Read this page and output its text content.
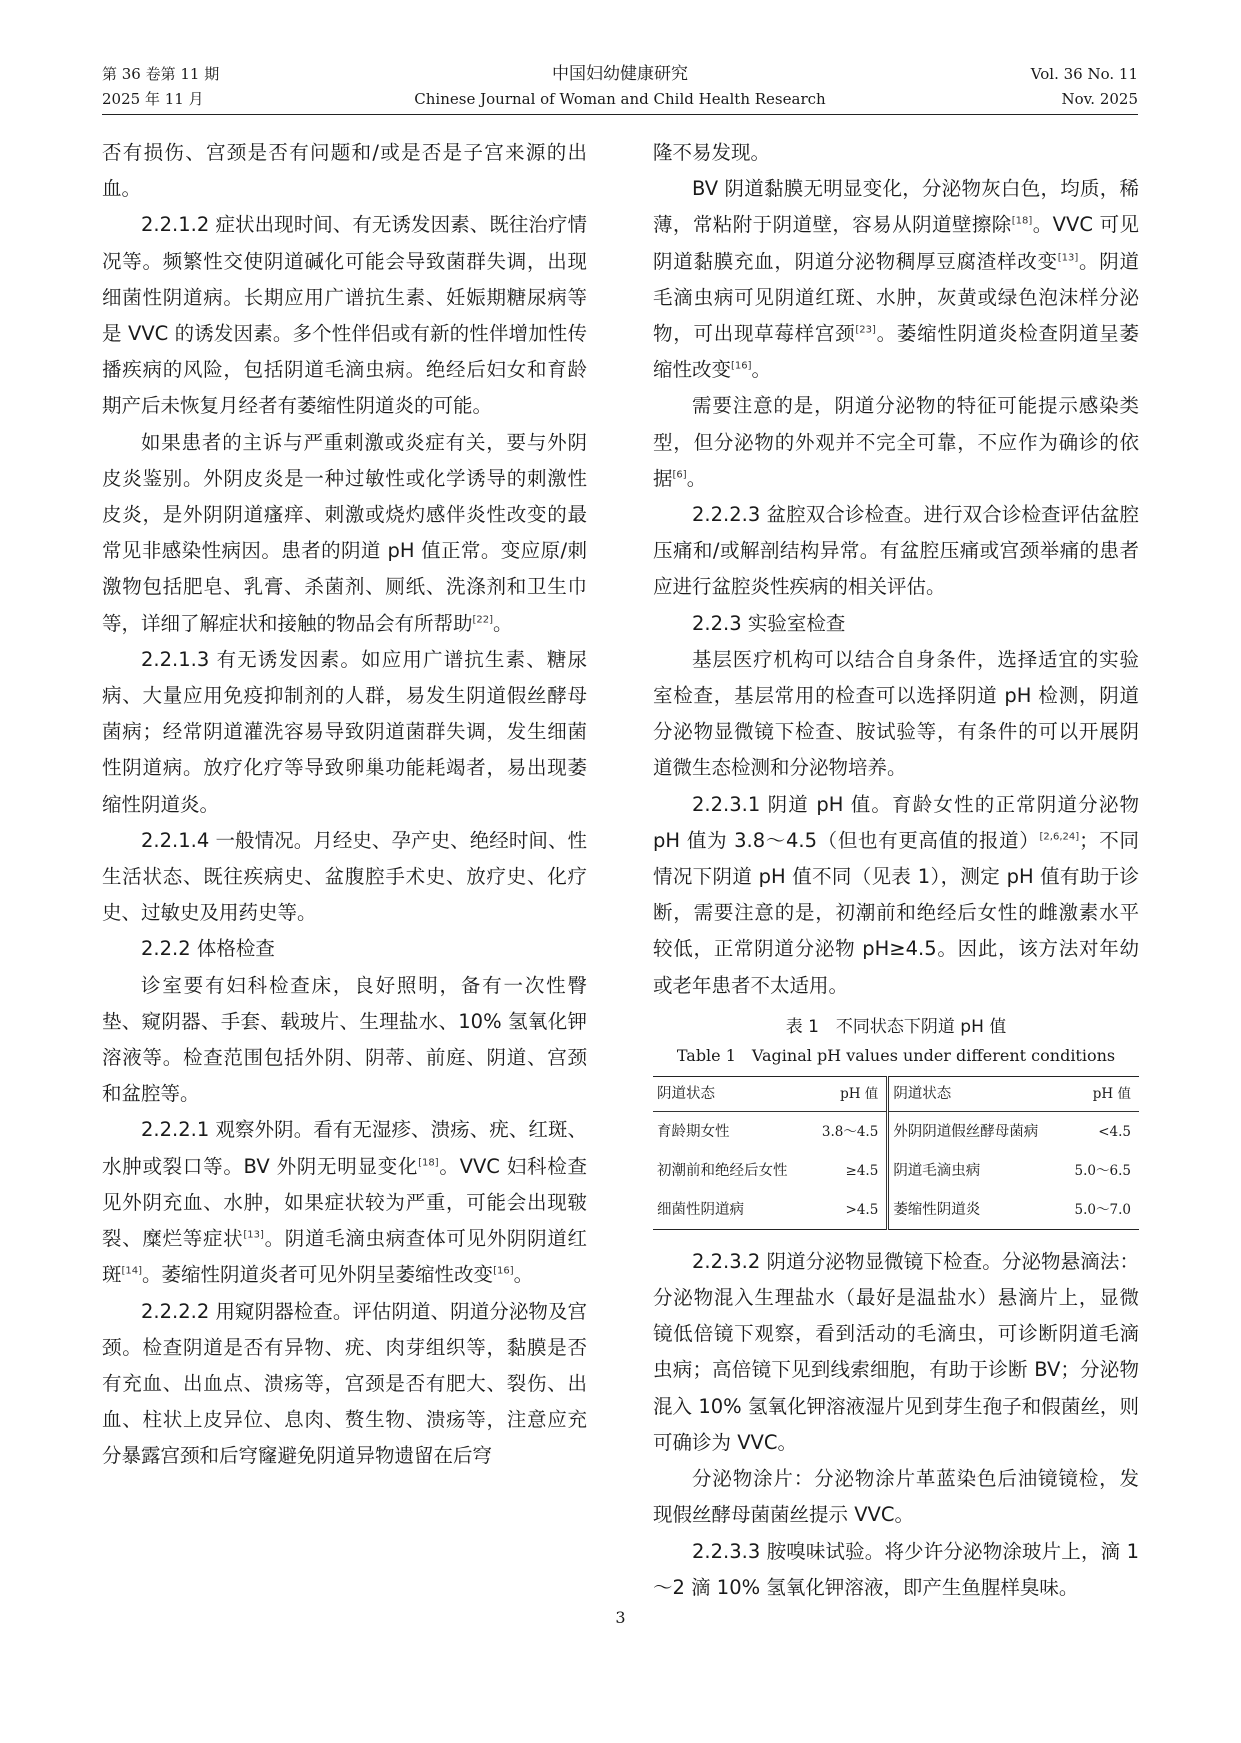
第 36 卷第 11 期
2025 年 11 月
中国妇幼健康研究
Chinese Journal of Woman and Child Health Research
Vol. 36 No. 11
Nov. 2025

否有损伤、宫颈是否有问题和/或是否是子宫来源的出血。

2.2.1.2 症状出现时间、有无诱发因素、既往治疗情况等。频繁性交使阴道碱化可能会导致菌群失调，出现细菌性阴道病。长期应用广谱抗生素、妊娠期糖尿病等是 VVC 的诱发因素。多个性伴侣或有新的性伴增加性传播疾病的风险，包括阴道毛滴虫病。绝经后妇女和育龄期产后未恢复月经者有萎缩性阴道炎的可能。

如果患者的主诉与严重刺激或炎症有关，要与外阴皮炎鉴别。外阴皮炎是一种过敏性或化学诱导的刺激性皮炎，是外阴阴道瘙痒、刺激或烧灼感伴炎性改变的最常见非感染性病因。患者的阴道 pH 值正常。变应原/刺激物包括肥皂、乳膏、杀菌剂、厕纸、洗涤剂和卫生巾等，详细了解症状和接触的物品会有所帮助[22]。

2.2.1.3 有无诱发因素。如应用广谱抗生素、糖尿病、大量应用免疫抑制剂的人群，易发生阴道假丝酵母菌病；经常阴道灌洗容易导致阴道菌群失调，发生细菌性阴道病。放疗化疗等导致卵巢功能耗竭者，易出现萎缩性阴道炎。

2.2.1.4 一般情况。月经史、孕产史、绝经时间、性生活状态、既往疾病史、盆腹腔手术史、放疗史、化疗史、过敏史及用药史等。

2.2.2 体格检查

诊室要有妇科检查床，良好照明，备有一次性臀垫、窥阴器、手套、载玻片、生理盐水、10% 氢氧化钾溶液等。检查范围包括外阴、阴蒂、前庭、阴道、宫颈和盆腔等。

2.2.2.1 观察外阴。看有无湿疹、溃疡、疣、红斑、水肿或裂口等。BV 外阴无明显变化[18]。VVC 妇科检查见外阴充血、水肿，如果症状较为严重，可能会出现皲裂、糜烂等症状[13]。阴道毛滴虫病查体可见外阴阴道红斑[14]。萎缩性阴道炎者可见外阴呈萎缩性改变[16]。

2.2.2.2 用窥阴器检查。评估阴道、阴道分泌物及宫颈。检查阴道是否有异物、疣、肉芽组织等，黏膜是否有充血、出血点、溃疡等，宫颈是否有肥大、裂伤、出血、柱状上皮异位、息肉、赘生物、溃疡等，注意应充分暴露宫颈和后穹窿避免阴道异物遗留在后穹

隆不易发现。

BV 阴道黏膜无明显变化，分泌物灰白色，均质，稀薄，常粘附于阴道壁，容易从阴道壁擦除[18]。VVC 可见阴道黏膜充血，阴道分泌物稠厚豆腐渣样改变[13]。阴道毛滴虫病可见阴道红斑、水肿，灰黄或绿色泡沫样分泌物，可出现草莓样宫颈[23]。萎缩性阴道炎检查阴道呈萎缩性改变[16]。

需要注意的是，阴道分泌物的特征可能提示感染类型，但分泌物的外观并不完全可靠，不应作为确诊的依据[6]。

2.2.2.3 盆腔双合诊检查。进行双合诊检查评估盆腔压痛和/或解剖结构异常。有盆腔压痛或宫颈举痛的患者应进行盆腔炎性疾病的相关评估。

2.2.3 实验室检查

基层医疗机构可以结合自身条件，选择适宜的实验室检查，基层常用的检查可以选择阴道 pH 检测，阴道分泌物显微镜下检查、胺试验等，有条件的可以开展阴道微生态检测和分泌物培养。

2.2.3.1 阴道 pH 值。育龄女性的正常阴道分泌物 pH 值为 3.8～4.5（但也有更高值的报道）[2,6,24]；不同情况下阴道 pH 值不同（见表 1），测定 pH 值有助于诊断，需要注意的是，初潮前和绝经后女性的雌激素水平较低，正常阴道分泌物 pH≥4.5。因此，该方法对年幼或老年患者不太适用。

表 1　不同状态下阴道 pH 值
Table 1　Vaginal pH values under different conditions
阴道状态	pH 值	阴道状态	pH 值
育龄期女性	3.8～4.5	外阴阴道假丝酵母菌病	<4.5
初潮前和绝经后女性	≥4.5	阴道毛滴虫病	5.0～6.5
细菌性阴道病	>4.5	萎缩性阴道炎	5.0～7.0

2.2.3.2 阴道分泌物显微镜下检查。分泌物悬滴法：分泌物混入生理盐水（最好是温盐水）悬滴片上，显微镜低倍镜下观察，看到活动的毛滴虫，可诊断阴道毛滴虫病；高倍镜下见到线索细胞，有助于诊断 BV；分泌物混入 10% 氢氧化钾溶液湿片见到芽生孢子和假菌丝，则可确诊为 VVC。

分泌物涂片：分泌物涂片革蓝染色后油镜镜检，发现假丝酵母菌菌丝提示 VVC。

2.2.3.3 胺嗅味试验。将少许分泌物涂玻片上，滴 1～2 滴 10% 氢氧化钾溶液，即产生鱼腥样臭味。

3
